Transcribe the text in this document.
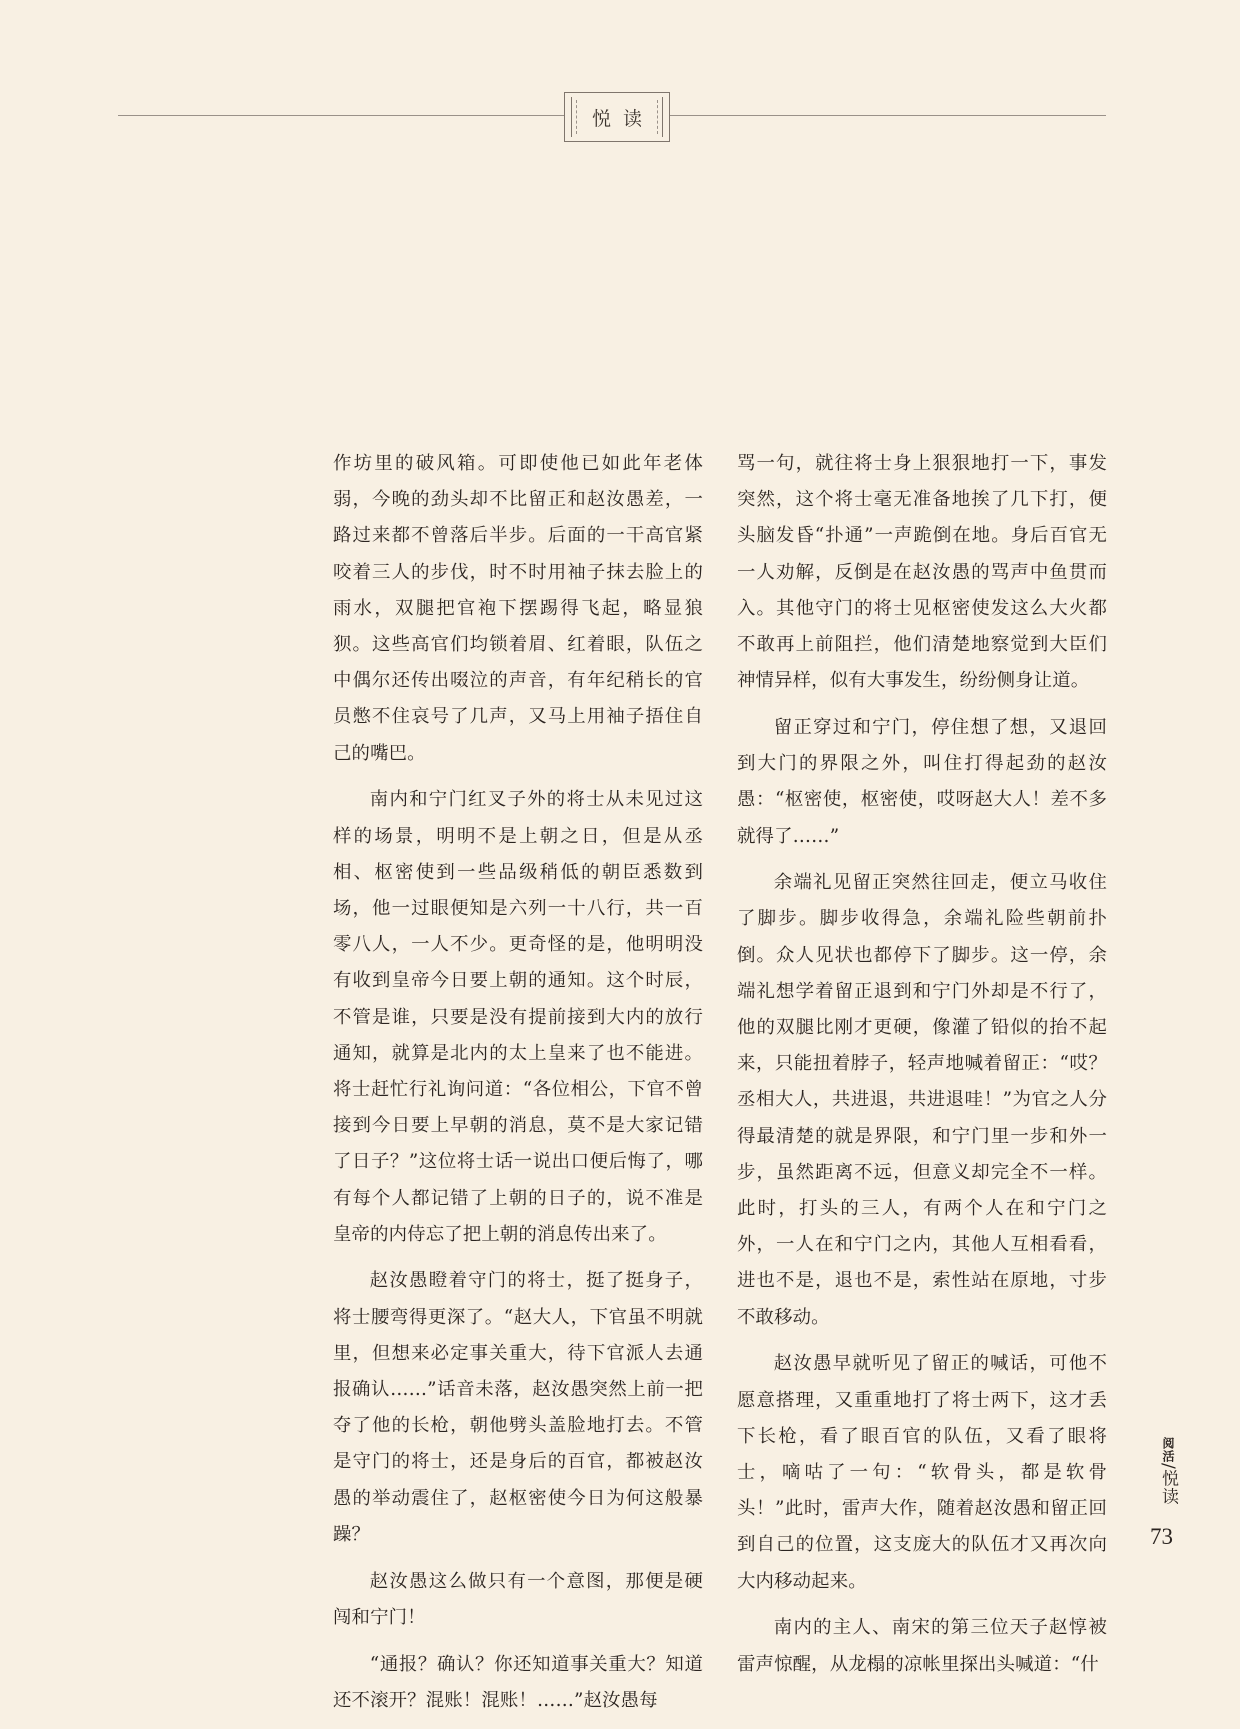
悦读

作坊里的破风箱。可即使他已如此年老体弱，今晚的劲头却不比留正和赵汝愚差，一路过来都不曾落后半步。后面的一干高官紧咬着三人的步伐，时不时用袖子抹去脸上的雨水，双腿把官袍下摆踢得飞起，略显狼狈。这些高官们均锁着眉、红着眼，队伍之中偶尔还传出啜泣的声音，有年纪稍长的官员憋不住哀号了几声，又马上用袖子捂住自己的嘴巴。

南内和宁门红叉子外的将士从未见过这样的场景，明明不是上朝之日，但是从丞相、枢密使到一些品级稍低的朝臣悉数到场，他一过眼便知是六列一十八行，共一百零八人，一人不少。更奇怪的是，他明明没有收到皇帝今日要上朝的通知。这个时辰，不管是谁，只要是没有提前接到大内的放行通知，就算是北内的太上皇来了也不能进。将士赶忙行礼询问道：“各位相公，下官不曾接到今日要上早朝的消息，莫不是大家记错了日子？”这位将士话一说出口便后悔了，哪有每个人都记错了上朝的日子的，说不准是皇帝的内侍忘了把上朝的消息传出来了。

赵汝愚瞪着守门的将士，挺了挺身子，将士腰弯得更深了。“赵大人，下官虽不明就里，但想来必定事关重大，待下官派人去通报确认……”话音未落，赵汝愚突然上前一把夺了他的长枪，朝他劈头盖脸地打去。不管是守门的将士，还是身后的百官，都被赵汝愚的举动震住了，赵枢密使今日为何这般暴躁？

赵汝愚这么做只有一个意图，那便是硬闯和宁门！

“通报？确认？你还知道事关重大？知道还不滚开？混账！混账！……”赵汝愚每

骂一句，就往将士身上狠狠地打一下，事发突然，这个将士毫无准备地挨了几下打，便头脑发昏“扑通”一声跪倒在地。身后百官无一人劝解，反倒是在赵汝愚的骂声中鱼贯而入。其他守门的将士见枢密使发这么大火都不敢再上前阻拦，他们清楚地察觉到大臣们神情异样，似有大事发生，纷纷侧身让道。

留正穿过和宁门，停住想了想，又退回到大门的界限之外，叫住打得起劲的赵汝愚：“枢密使，枢密使，哎呀赵大人！差不多就得了……”

余端礼见留正突然往回走，便立马收住了脚步。脚步收得急，余端礼险些朝前扑倒。众人见状也都停下了脚步。这一停，余端礼想学着留正退到和宁门外却是不行了，他的双腿比刚才更硬，像灌了铅似的抬不起来，只能扭着脖子，轻声地喊着留正：“哎？丞相大人，共进退，共进退哇！”为官之人分得最清楚的就是界限，和宁门里一步和外一步，虽然距离不远，但意义却完全不一样。此时，打头的三人，有两个人在和宁门之外，一人在和宁门之内，其他人互相看看，进也不是，退也不是，索性站在原地，寸步不敢移动。

赵汝愚早就听见了留正的喊话，可他不愿意搭理，又重重地打了将士两下，这才丢下长枪，看了眼百官的队伍，又看了眼将士，嘀咕了一句：“软骨头，都是软骨头！”此时，雷声大作，随着赵汝愚和留正回到自己的位置，这支庞大的队伍才又再次向大内移动起来。

南内的主人、南宋的第三位天子赵惇被雷声惊醒，从龙榻的凉帐里探出头喊道：“什

阅活/悦读
73
